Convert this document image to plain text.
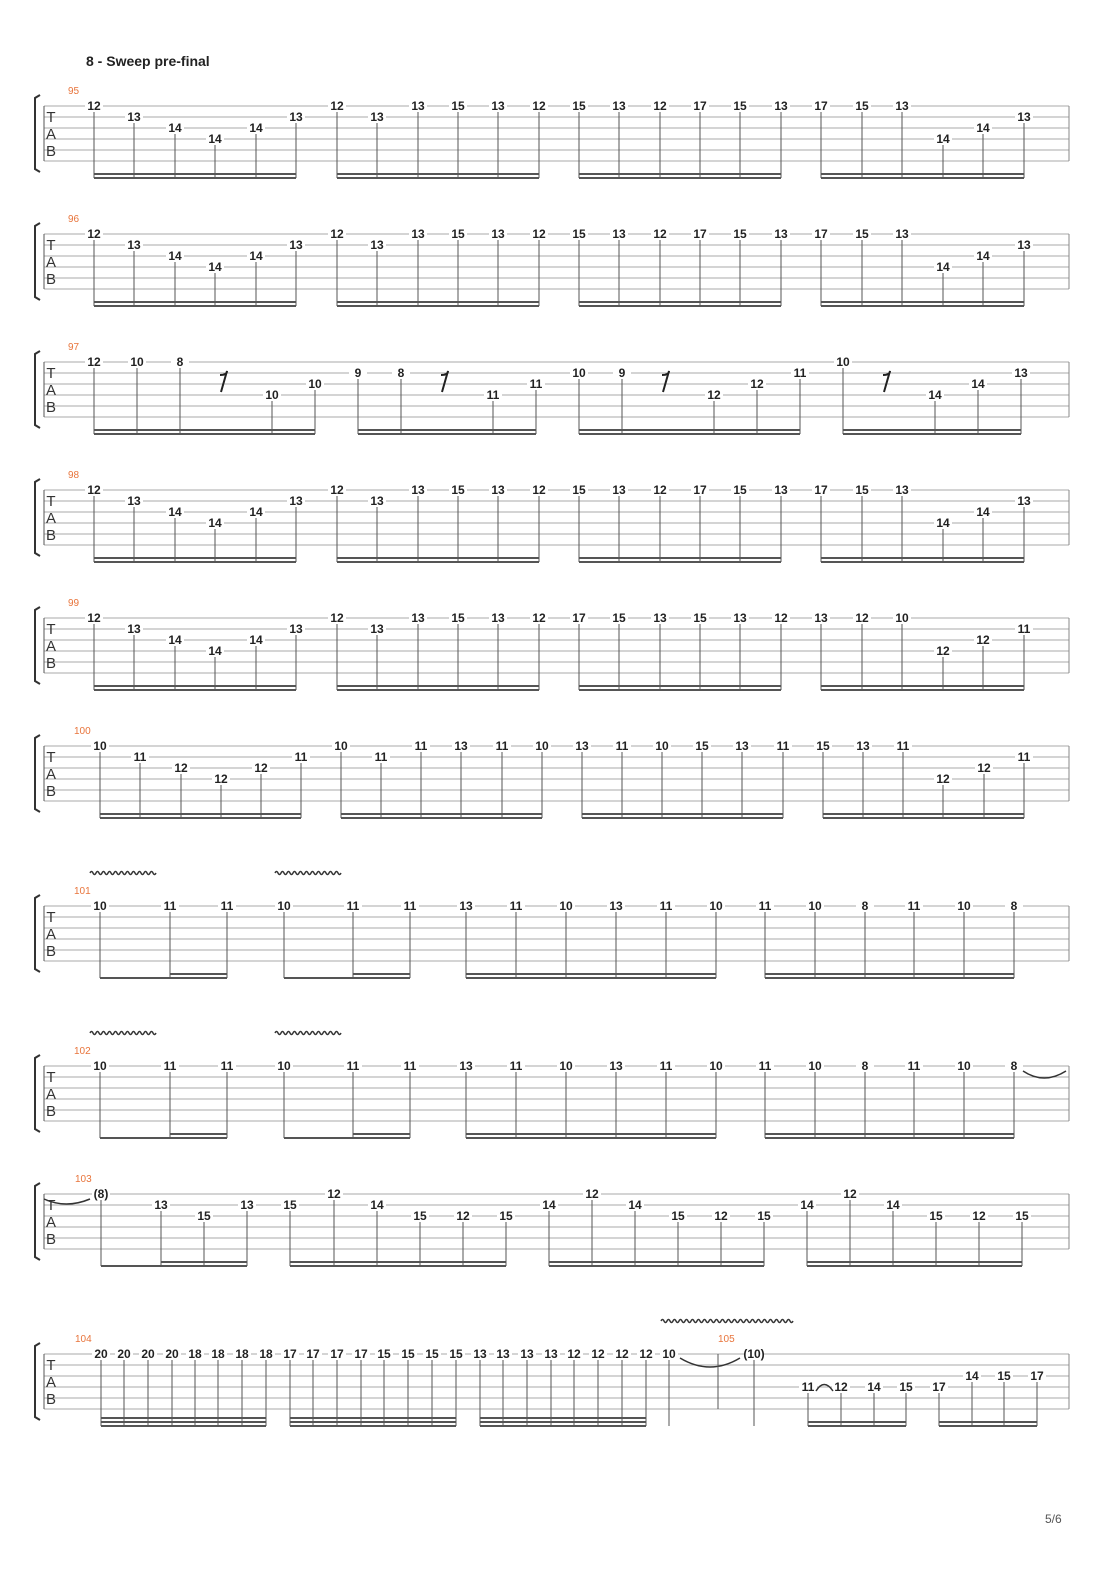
8 - Sweep pre-final
T
A
B
95
12
13
14
14
14
13
12
13
13 15 13 12 15 13 12 17 15 13 17 15 13
14
14
13
T
A
B
96
12
13
14
14
14
13
12
13
13 15 13 12 15 13 12 17 15 13 17 15 13
14
14
13
T
A
B
97
12 10	8
10
10
9	8
11
11
10	9
12
12
11
10
14
14
13
T
A
B
98
12
13
14
14
14
13
12
13
13 15 13 12 15 13 12 17 15 13 17 15 13
14
14
13
T
A
B
99
12
13
14
14
14
13
12
13
13 15 13 12 17 15 13 15 13 12 13 12 10
12
12
11
T
A
B
100
10
11
12
12
12
11
10
11
11 13 11 10 13 11 10 15 13 11 15 13 11
12
12
11
T
A
B
101
10	11	11	10	11	11	13	11	10	13	11	10	11	10	8	11	10	8
T
A
B
102
10	11	11	10	11	11	13	11	10	13	11	10	11	10	8	11	10	8
T
A
B
103
(8)
13
15
13 15
12
14
15 12 15
14
12
14
15 12 15
14
12
14
15 12 15
T
A
B
104	105
20 20 20 20 18 18 18 18 17 17 17 17 15 15 15 15 13 13 13 13 12 12 12 12 10	(10)
11 12 14 15 17
14 15 17
5/6
